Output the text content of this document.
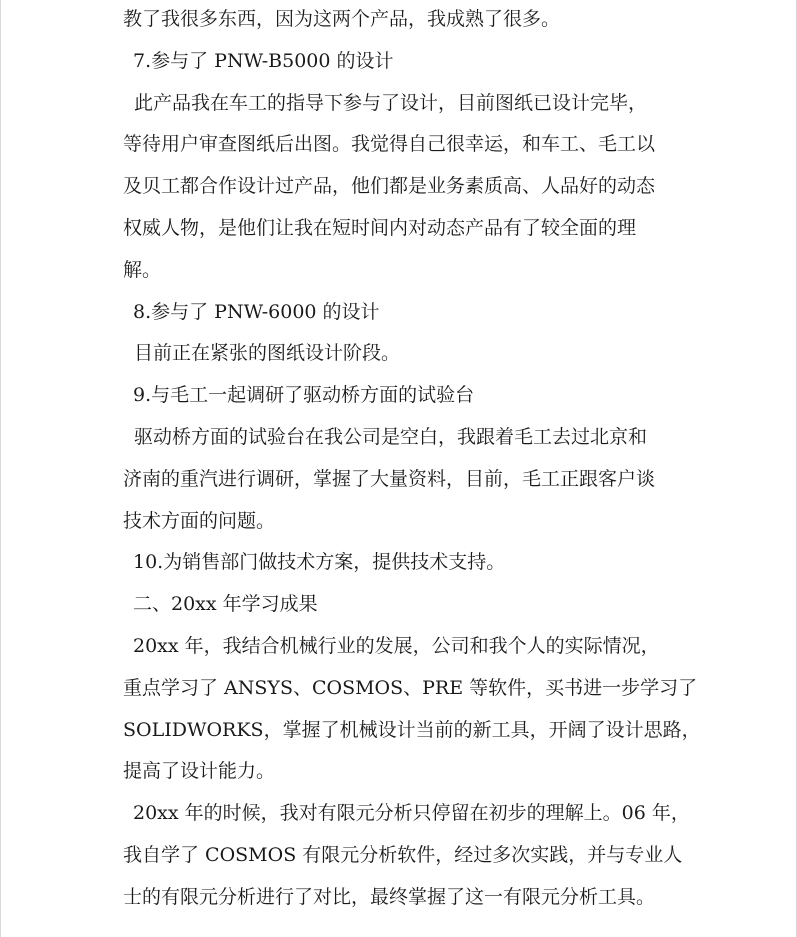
教了我很多东西，因为这两个产品，我成熟了很多。
7.参与了 PNW-B5000 的设计
此产品我在车工的指导下参与了设计，目前图纸已设计完毕，
等待用户审查图纸后出图。我觉得自己很幸运，和车工、毛工以
及贝工都合作设计过产品，他们都是业务素质高、人品好的动态
权威人物，是他们让我在短时间内对动态产品有了较全面的理
解。
8.参与了 PNW-6000 的设计
目前正在紧张的图纸设计阶段。
9.与毛工一起调研了驱动桥方面的试验台
驱动桥方面的试验台在我公司是空白，我跟着毛工去过北京和
济南的重汽进行调研，掌握了大量资料，目前，毛工正跟客户谈
技术方面的问题。
10.为销售部门做技术方案，提供技术支持。
二、20xx 年学习成果
20xx 年，我结合机械行业的发展，公司和我个人的实际情况，
重点学习了 ANSYS、COSMOS、PRE 等软件，买书进一步学习了
SOLIDWORKS，掌握了机械设计当前的新工具，开阔了设计思路，
提高了设计能力。
20xx 年的时候，我对有限元分析只停留在初步的理解上。06 年，
我自学了 COSMOS 有限元分析软件，经过多次实践，并与专业人
士的有限元分析进行了对比，最终掌握了这一有限元分析工具。
